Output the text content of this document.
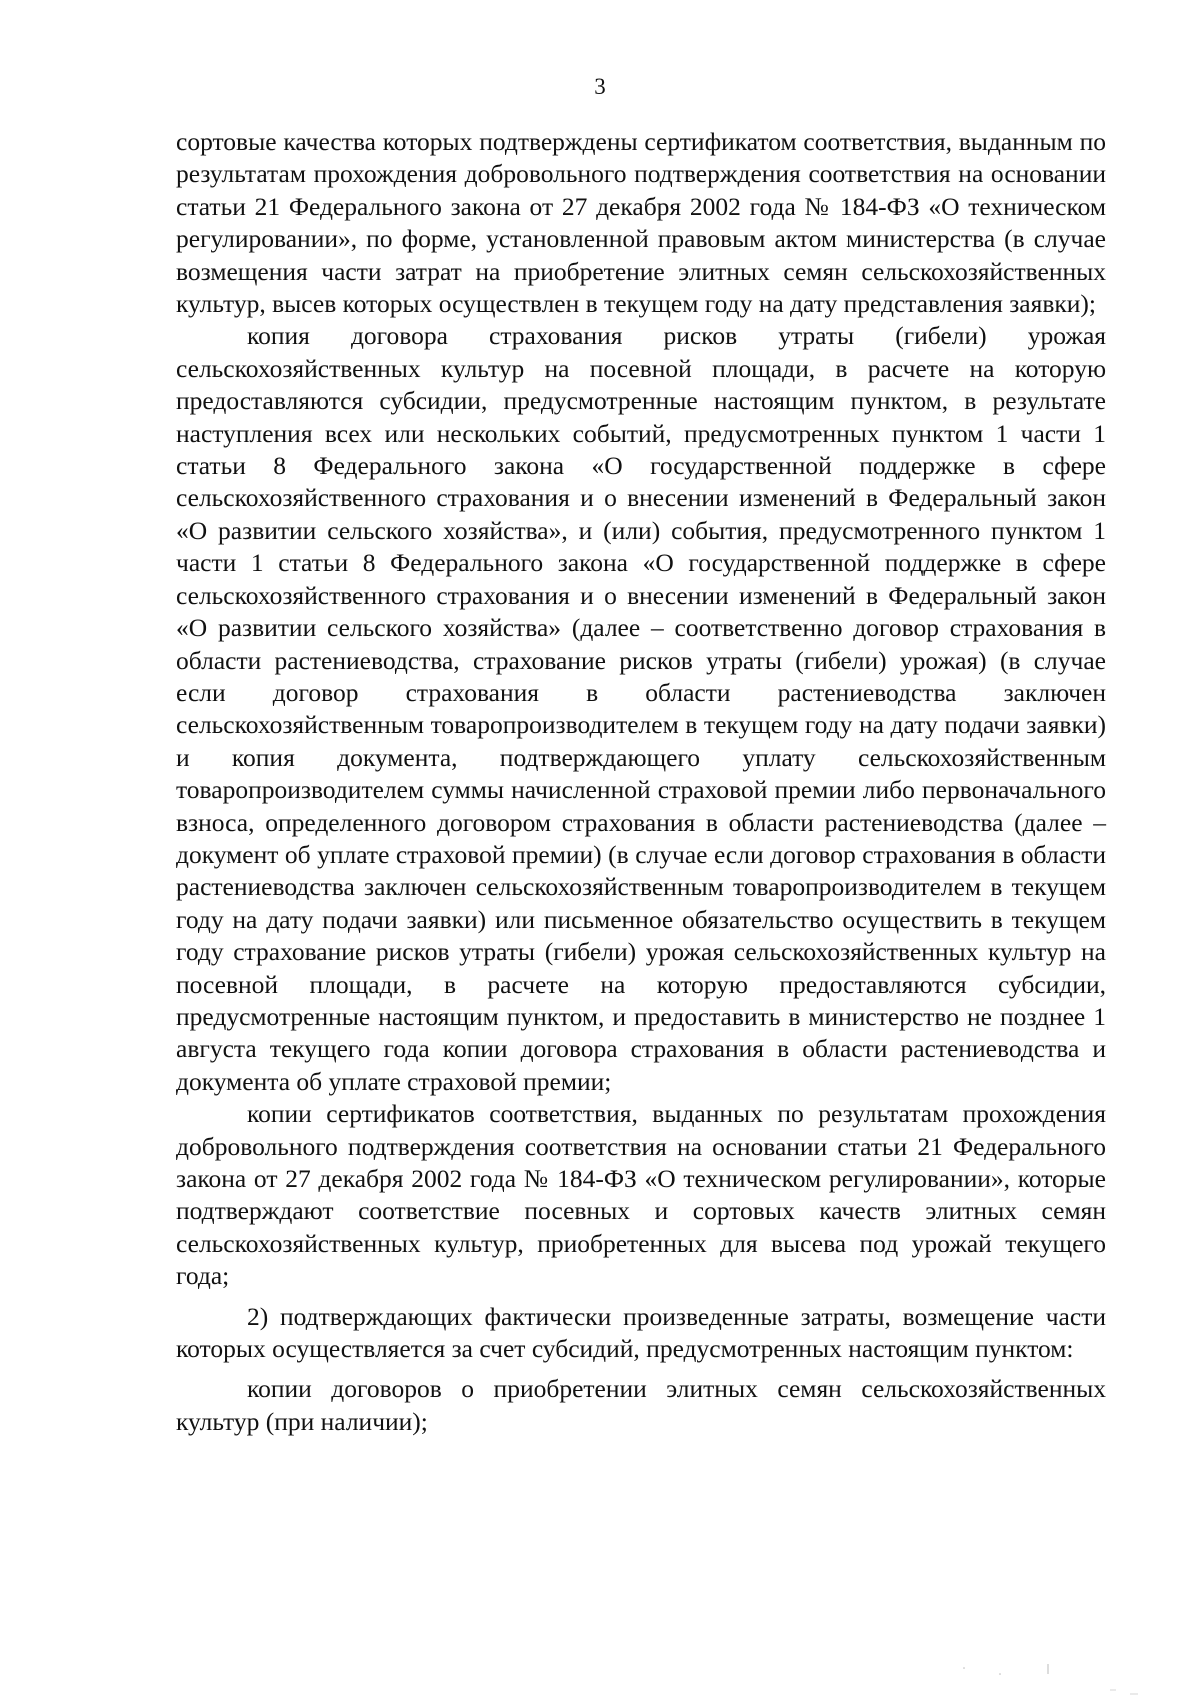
3

сортовые качества которых подтверждены сертификатом соответствия, выданным по результатам прохождения добровольного подтверждения соответствия на основании статьи 21 Федерального закона от 27 декабря 2002 года № 184-ФЗ «О техническом регулировании», по форме, установленной правовым актом министерства (в случае возмещения части затрат на приобретение элитных семян сельскохозяйственных культур, высев которых осуществлен в текущем году на дату представления заявки);

копия договора страхования рисков утраты (гибели) урожая сельскохозяйственных культур на посевной площади, в расчете на которую предоставляются субсидии, предусмотренные настоящим пунктом, в результате наступления всех или нескольких событий, предусмотренных пунктом 1 части 1 статьи 8 Федерального закона «О государственной поддержке в сфере сельскохозяйственного страхования и о внесении изменений в Федеральный закон «О развитии сельского хозяйства», и (или) события, предусмотренного пунктом 1 части 1 статьи 8 Федерального закона «О государственной поддержке в сфере сельскохозяйственного страхования и о внесении изменений в Федеральный закон «О развитии сельского хозяйства» (далее – соответственно договор страхования в области растениеводства, страхование рисков утраты (гибели) урожая) (в случае если договор страхования в области растениеводства заключен сельскохозяйственным товаропроизводителем в текущем году на дату подачи заявки) и копия документа, подтверждающего уплату сельскохозяйственным товаропроизводителем суммы начисленной страховой премии либо первоначального взноса, определенного договором страхования в области растениеводства (далее – документ об уплате страховой премии) (в случае если договор страхования в области растениеводства заключен сельскохозяйственным товаропроизводителем в текущем году на дату подачи заявки) или письменное обязательство осуществить в текущем году страхование рисков утраты (гибели) урожая сельскохозяйственных культур на посевной площади, в расчете на которую предоставляются субсидии, предусмотренные настоящим пунктом, и предоставить в министерство не позднее 1 августа текущего года копии договора страхования в области растениеводства и документа об уплате страховой премии;

копии сертификатов соответствия, выданных по результатам прохождения добровольного подтверждения соответствия на основании статьи 21 Федерального закона от 27 декабря 2002 года № 184-ФЗ «О техническом регулировании», которые подтверждают соответствие посевных и сортовых качеств элитных семян сельскохозяйственных культур, приобретенных для высева под урожай текущего года;

2) подтверждающих фактически произведенные затраты, возмещение части которых осуществляется за счет субсидий, предусмотренных настоящим пунктом:

копии договоров о приобретении элитных семян сельскохозяйственных культур (при наличии);
